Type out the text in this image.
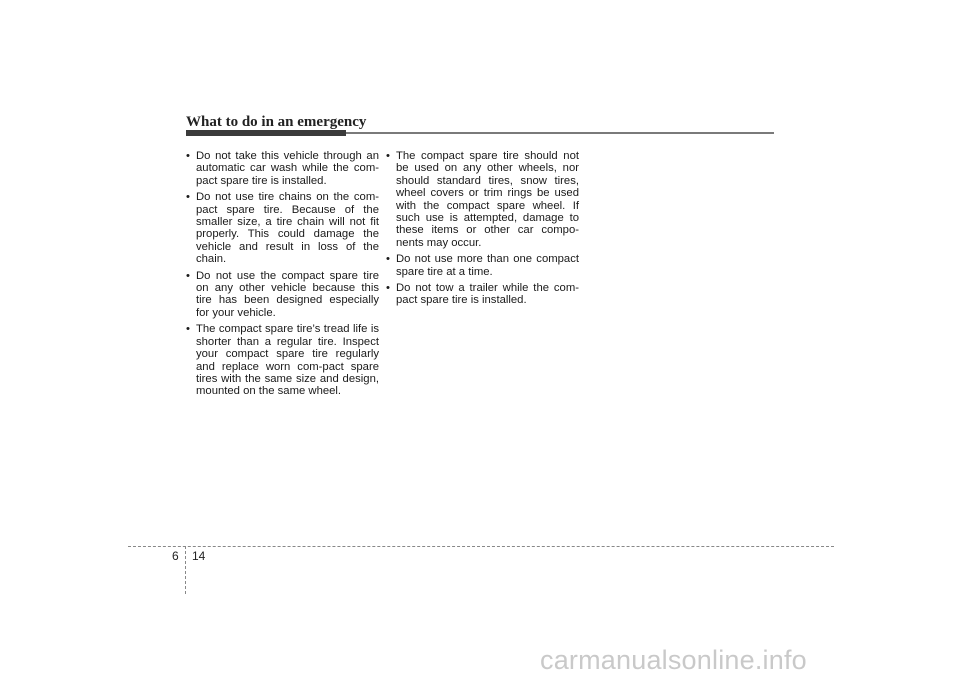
What to do in an emergency
• Do not take this vehicle through an automatic car wash while the com-pact spare tire is installed.
• Do not use tire chains on the com-pact spare tire. Because of the smaller size, a tire chain will not fit properly. This could damage the vehicle and result in loss of the chain.
• Do not use the compact spare tire on any other vehicle because this tire has been designed especially for your vehicle.
• The compact spare tire’s tread life is shorter than a regular tire. Inspect your compact spare tire regularly and replace worn com-pact spare tires with the same size and design, mounted on the same wheel.
• The compact spare tire should not be used on any other wheels, nor should standard tires, snow tires, wheel covers or trim rings be used with the compact spare wheel. If such use is attempted, damage to these items or other car compo-nents may occur.
• Do not use more than one compact spare tire at a time.
• Do not tow a trailer while the com-pact spare tire is installed.
6 14
carmanualsonline.info
